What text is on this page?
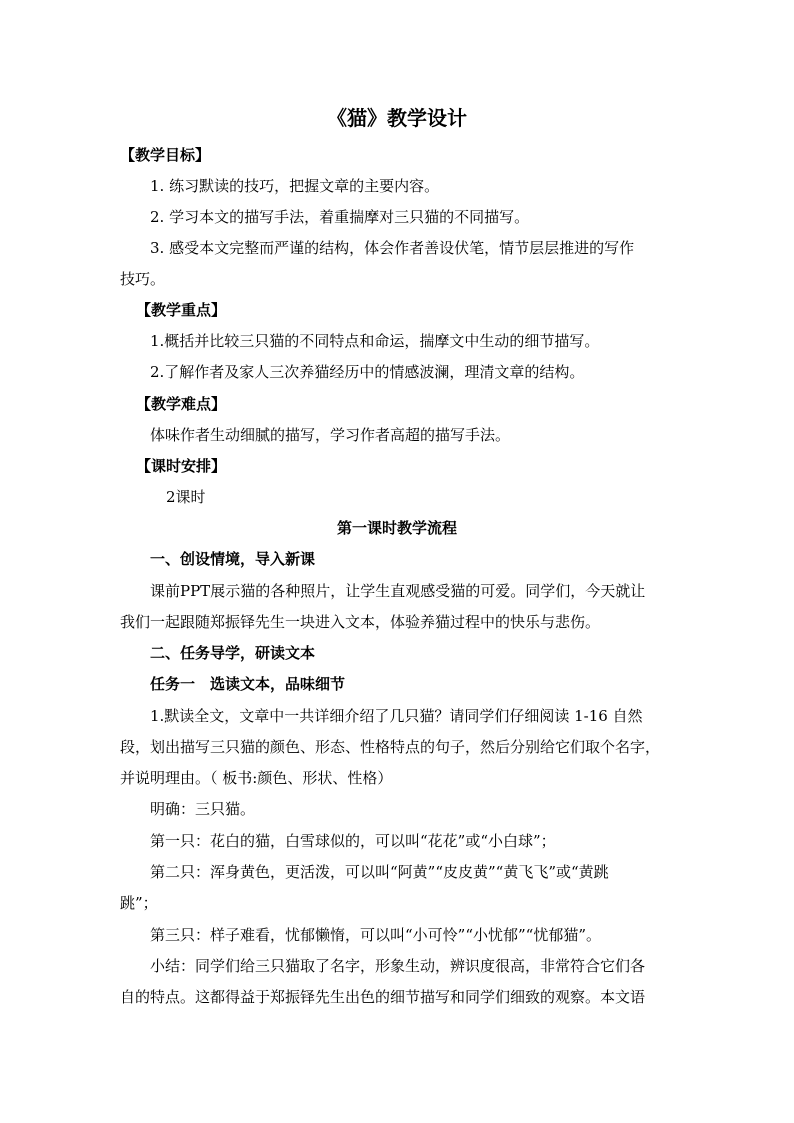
《猫》教学设计
【教学目标】
1. 练习默读的技巧，把握文章的主要内容。
2. 学习本文的描写手法，着重揣摩对三只猫的不同描写。
3. 感受本文完整而严谨的结构，体会作者善设伏笔，情节层层推进的写作
技巧。
【教学重点】
1.概括并比较三只猫的不同特点和命运，揣摩文中生动的细节描写。
2.了解作者及家人三次养猫经历中的情感波澜，理清文章的结构。
【教学难点】
体味作者生动细腻的描写，学习作者高超的描写手法。
【课时安排】
2课时
第一课时教学流程
一、创设情境，导入新课
课前PPT展示猫的各种照片，让学生直观感受猫的可爱。同学们，今天就让
我们一起跟随郑振铎先生一块进入文本，体验养猫过程中的快乐与悲伤。
二、任务导学，研读文本
任务一　选读文本，品味细节
1.默读全文，文章中一共详细介绍了几只猫？请同学们仔细阅读 1-16 自然
段，划出描写三只猫的颜色、形态、性格特点的句子，然后分别给它们取个名字，
并说明理由。（ 板书:颜色、形状、性格）
明确：三只猫。
第一只：花白的猫，白雪球似的，可以叫“花花”或“小白球”；
第二只：浑身黄色，更活泼，可以叫“阿黄”“皮皮黄”“黄飞飞”或“黄跳
跳”；
第三只：样子难看，忧郁懒惰，可以叫“小可怜”“小忧郁”“忧郁猫”。
小结：同学们给三只猫取了名字，形象生动，辨识度很高，非常符合它们各
自的特点。这都得益于郑振铎先生出色的细节描写和同学们细致的观察。本文语
